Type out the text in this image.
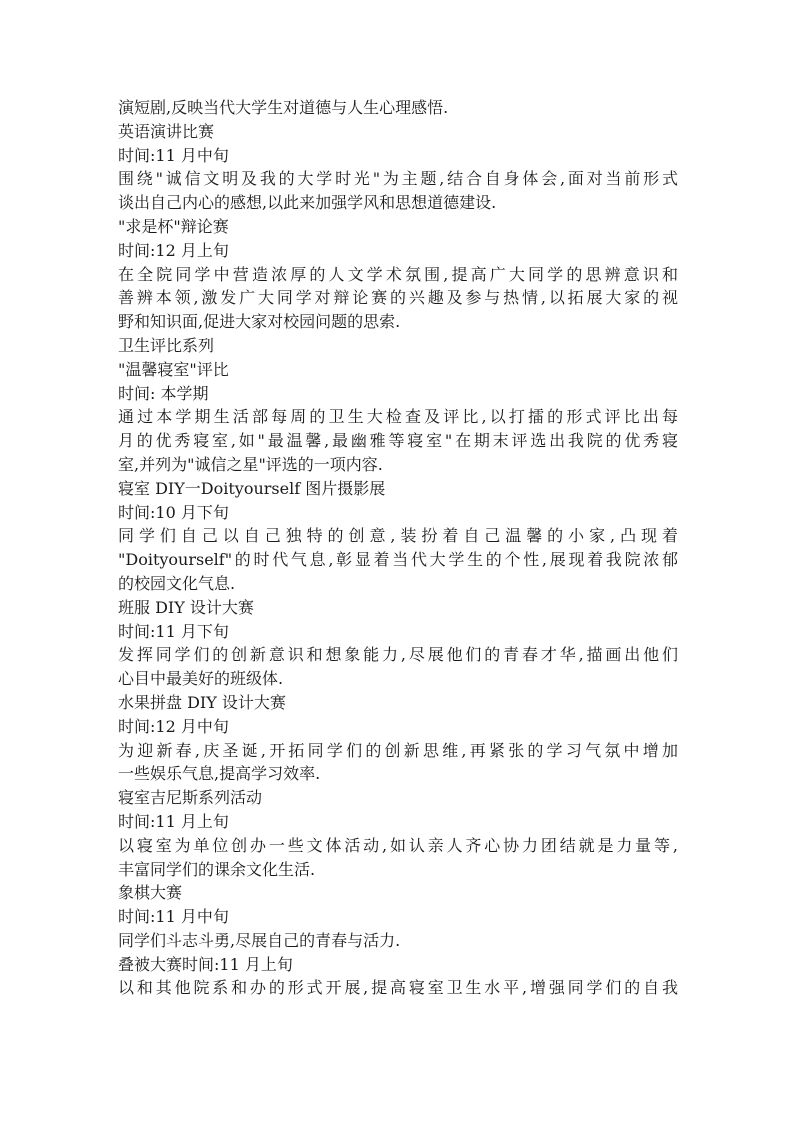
演短剧,反映当代大学生对道德与人生心理感悟.
英语演讲比赛
时间:11 月中旬
围绕"诚信文明及我的大学时光"为主题,结合自身体会,面对当前形式
谈出自己内心的感想,以此来加强学风和思想道德建设.
"求是杯"辩论赛
时间:12 月上旬
在全院同学中营造浓厚的人文学术氛围,提高广大同学的思辨意识和
善辨本领,激发广大同学对辩论赛的兴趣及参与热情,以拓展大家的视
野和知识面,促进大家对校园问题的思索.
卫生评比系列
"温馨寝室"评比
时间: 本学期
通过本学期生活部每周的卫生大检查及评比,以打擂的形式评比出每
月的优秀寝室,如"最温馨,最幽雅等寝室"在期末评选出我院的优秀寝
室,并列为"诚信之星"评选的一项内容.
寝室 DIY一Doityourself 图片摄影展
时间:10 月下旬
同学们自己以自己独特的创意,装扮着自己温馨的小家,凸现着
"Doityourself"的时代气息,彰显着当代大学生的个性,展现着我院浓郁
的校园文化气息.
班服 DIY 设计大赛
时间:11 月下旬
发挥同学们的创新意识和想象能力,尽展他们的青春才华,描画出他们
心目中最美好的班级体.
水果拼盘 DIY 设计大赛
时间:12 月中旬
为迎新春,庆圣诞,开拓同学们的创新思维,再紧张的学习气氛中增加
一些娱乐气息,提高学习效率.
寝室吉尼斯系列活动
时间:11 月上旬
以寝室为单位创办一些文体活动,如认亲人齐心协力团结就是力量等,
丰富同学们的课余文化生活.
象棋大赛
时间:11 月中旬
同学们斗志斗勇,尽展自己的青春与活力.
叠被大赛时间:11 月上旬
以和其他院系和办的形式开展,提高寝室卫生水平,增强同学们的自我
